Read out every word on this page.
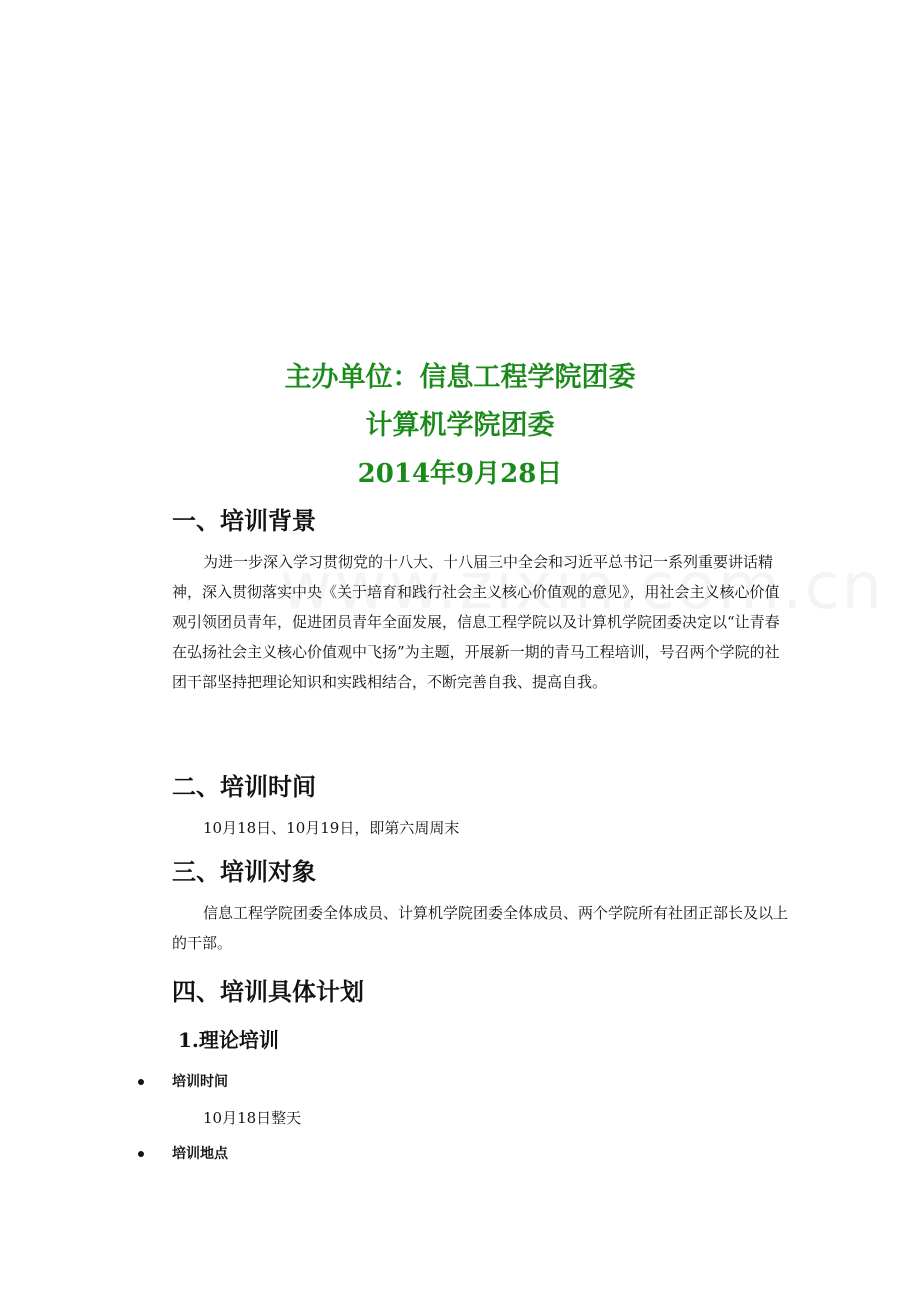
主办单位：信息工程学院团委
计算机学院团委
2014年9月28日
一、培训背景

为进一步深入学习贯彻党的十八大、十八届三中全会和习近平总书记一系列重要讲话精神，深入贯彻落实中央《关于培育和践行社会主义核心价值观的意见》，用社会主义核心价值观引领团员青年，促进团员青年全面发展，信息工程学院以及计算机学院团委决定以“让青春在弘扬社会主义核心价值观中飞扬”为主题，开展新一期的青马工程培训，号召两个学院的社团干部坚持把理论知识和实践相结合，不断完善自我、提高自我。

二、培训时间
10月18日、10月19日，即第六周周末
三、培训对象

信息工程学院团委全体成员、计算机学院团委全体成员、两个学院所有社团正部长及以上的干部。

四、培训具体计划
1.理论培训
培训时间
10月18日整天
培训地点
